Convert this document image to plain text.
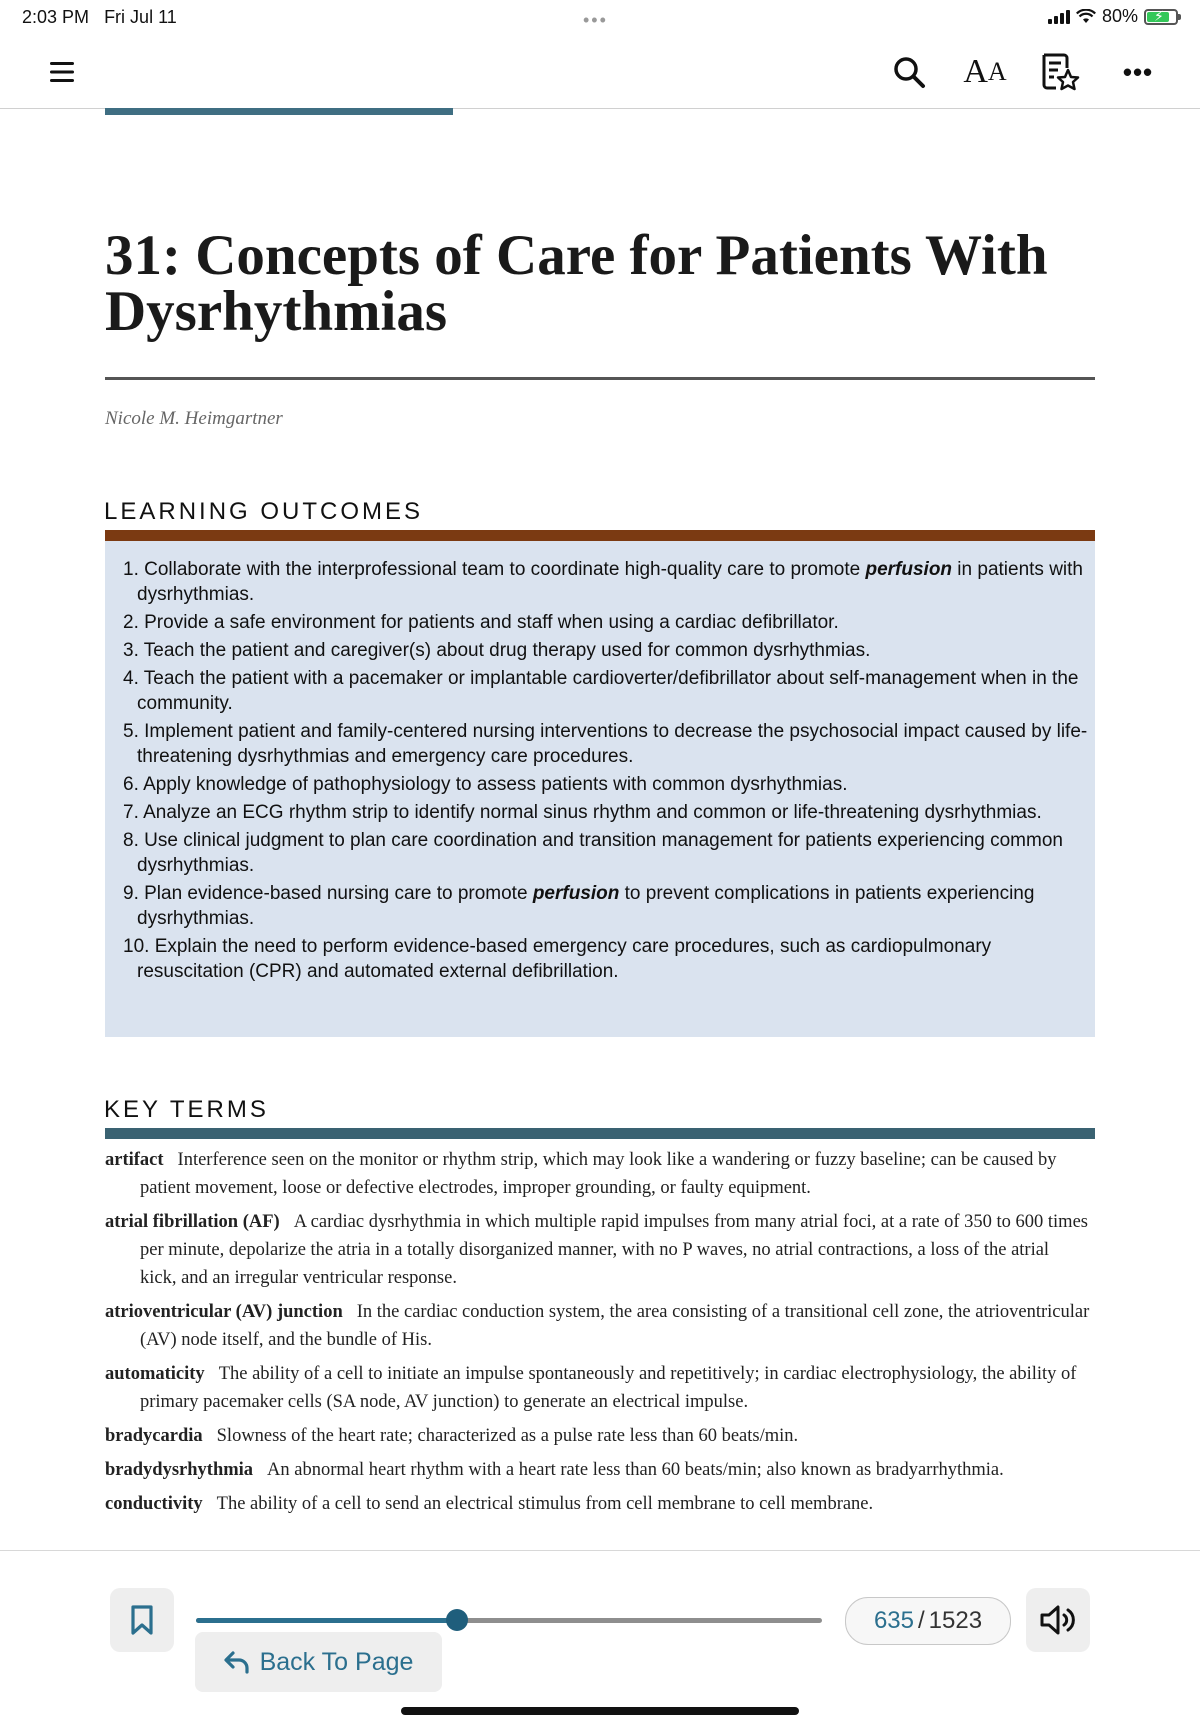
2:03 PM Fri Jul 11	•••	80% ⚡
A A	•••
31: Concepts of Care for Patients With Dysrhythmias
Nicole M. Heimgartner
LEARNING OUTCOMES
1. Collaborate with the interprofessional team to coordinate high-quality care to promote perfusion in patients with dysrhythmias.
2. Provide a safe environment for patients and staff when using a cardiac defibrillator.
3. Teach the patient and caregiver(s) about drug therapy used for common dysrhythmias.
4. Teach the patient with a pacemaker or implantable cardioverter/defibrillator about self-management when in the community.
5. Implement patient and family-centered nursing interventions to decrease the psychosocial impact caused by life-threatening dysrhythmias and emergency care procedures.
6. Apply knowledge of pathophysiology to assess patients with common dysrhythmias.
7. Analyze an ECG rhythm strip to identify normal sinus rhythm and common or life-threatening dysrhythmias.
8. Use clinical judgment to plan care coordination and transition management for patients experiencing common dysrhythmias.
9. Plan evidence-based nursing care to promote perfusion to prevent complications in patients experiencing dysrhythmias.
10. Explain the need to perform evidence-based emergency care procedures, such as cardiopulmonary resuscitation (CPR) and automated external defibrillation.
KEY TERMS
artifact Interference seen on the monitor or rhythm strip, which may look like a wandering or fuzzy baseline; can be caused by patient movement, loose or defective electrodes, improper grounding, or faulty equipment.
atrial fibrillation (AF) A cardiac dysrhythmia in which multiple rapid impulses from many atrial foci, at a rate of 350 to 600 times per minute, depolarize the atria in a totally disorganized manner, with no P waves, no atrial contractions, a loss of the atrial kick, and an irregular ventricular response.
atrioventricular (AV) junction In the cardiac conduction system, the area consisting of a transitional cell zone, the atrioventricular (AV) node itself, and the bundle of His.
automaticity The ability of a cell to initiate an impulse spontaneously and repetitively; in cardiac electrophysiology, the ability of primary pacemaker cells (SA node, AV junction) to generate an electrical impulse.
bradycardia Slowness of the heart rate; characterized as a pulse rate less than 60 beats/min.
bradydysrhythmia An abnormal heart rhythm with a heart rate less than 60 beats/min; also known as bradyarrhythmia.
conductivity The ability of a cell to send an electrical stimulus from cell membrane to cell membrane.
635 / 1523
Back To Page
